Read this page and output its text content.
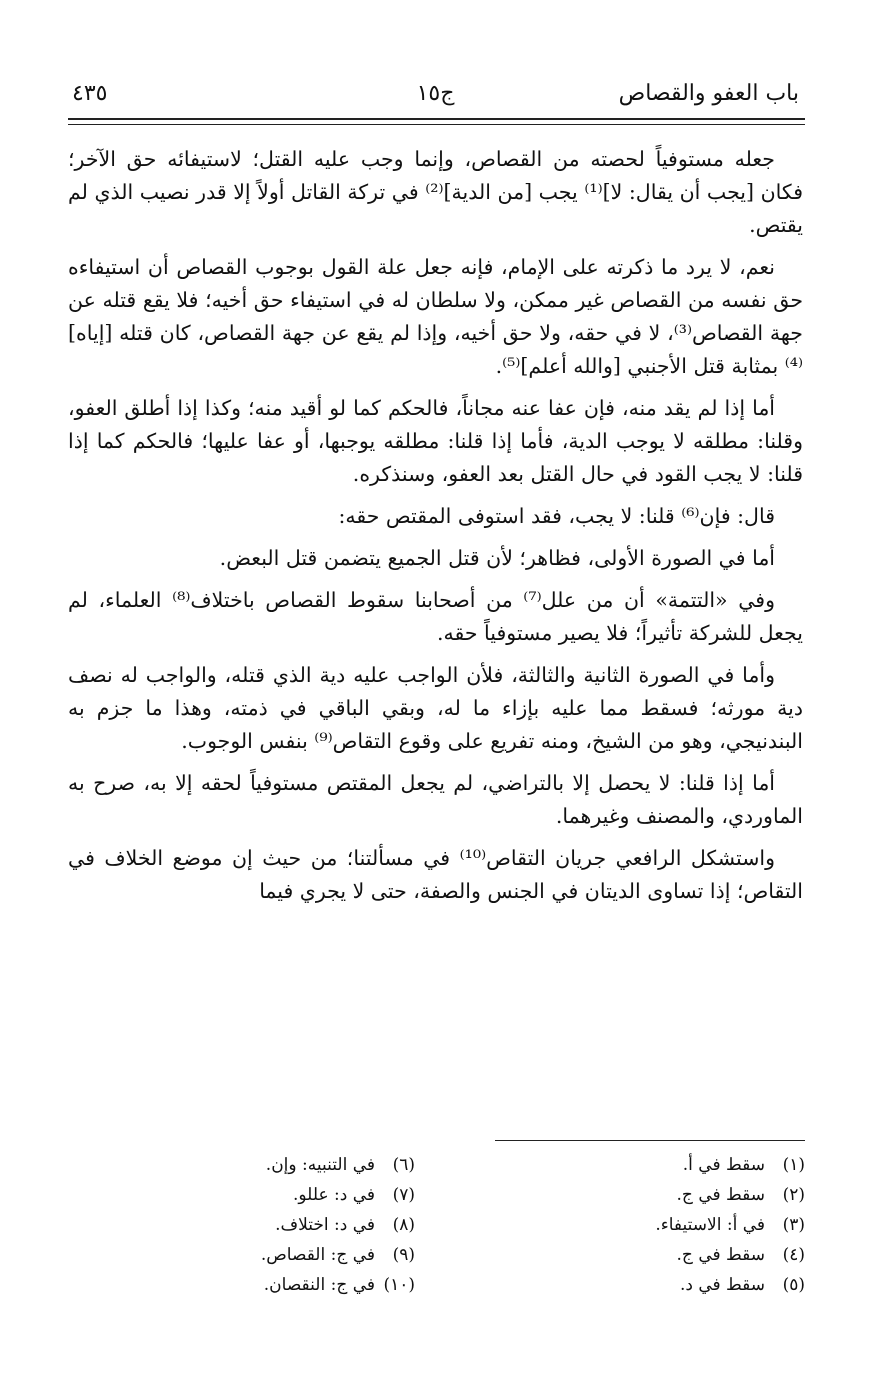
باب العفو والقصاص
ج١٥
٤٣٥

جعله مستوفياً لحصته من القصاص، وإنما وجب عليه القتل؛ لاستيفائه حق الآخر؛ فكان [يجب أن يقال: لا]⁽¹⁾ يجب [من الدية]⁽²⁾ في تركة القاتل أولاً إلا قدر نصيب الذي لم يقتص.

نعم، لا يرد ما ذكرته على الإمام، فإنه جعل علة القول بوجوب القصاص أن استيفاءه حق نفسه من القصاص غير ممكن، ولا سلطان له في استيفاء حق أخيه؛ فلا يقع قتله عن جهة القصاص⁽³⁾، لا في حقه، ولا حق أخيه، وإذا لم يقع عن جهة القصاص، كان قتله [إياه]⁽⁴⁾ بمثابة قتل الأجنبي [والله أعلم]⁽⁵⁾.

أما إذا لم يقد منه، فإن عفا عنه مجاناً، فالحكم كما لو أقيد منه؛ وكذا إذا أطلق العفو، وقلنا: مطلقه لا يوجب الدية، فأما إذا قلنا: مطلقه يوجبها، أو عفا عليها؛ فالحكم كما إذا قلنا: لا يجب القود في حال القتل بعد العفو، وسنذكره.

قال: فإن⁽⁶⁾ قلنا: لا يجب، فقد استوفى المقتص حقه:

أما في الصورة الأولى، فظاهر؛ لأن قتل الجميع يتضمن قتل البعض.

وفي «التتمة» أن من علل⁽⁷⁾ من أصحابنا سقوط القصاص باختلاف⁽⁸⁾ العلماء، لم يجعل للشركة تأثيراً؛ فلا يصير مستوفياً حقه.

وأما في الصورة الثانية والثالثة، فلأن الواجب عليه دية الذي قتله، والواجب له نصف دية مورثه؛ فسقط مما عليه بإزاء ما له، وبقي الباقي في ذمته، وهذا ما جزم به البندنيجي، وهو من الشيخ، ومنه تفريع على وقوع التقاص⁽⁹⁾ بنفس الوجوب.

أما إذا قلنا: لا يحصل إلا بالتراضي، لم يجعل المقتص مستوفياً لحقه إلا به، صرح به الماوردي، والمصنف وغيرهما.

واستشكل الرافعي جريان التقاص⁽¹⁰⁾ في مسألتنا؛ من حيث إن موضع الخلاف في التقاص؛ إذا تساوى الديتان في الجنس والصفة، حتى لا يجري فيما

(١)سقط في أ.
(٢)سقط في ج.
(٣)في أ: الاستيفاء.
(٤)سقط في ج.
(٥)سقط في د.
(٦)في التنبيه: وإن.
(٧)في د: عللو.
(٨)في د: اختلاف.
(٩)في ج: القصاص.
(١٠)في ج: النقصان.
